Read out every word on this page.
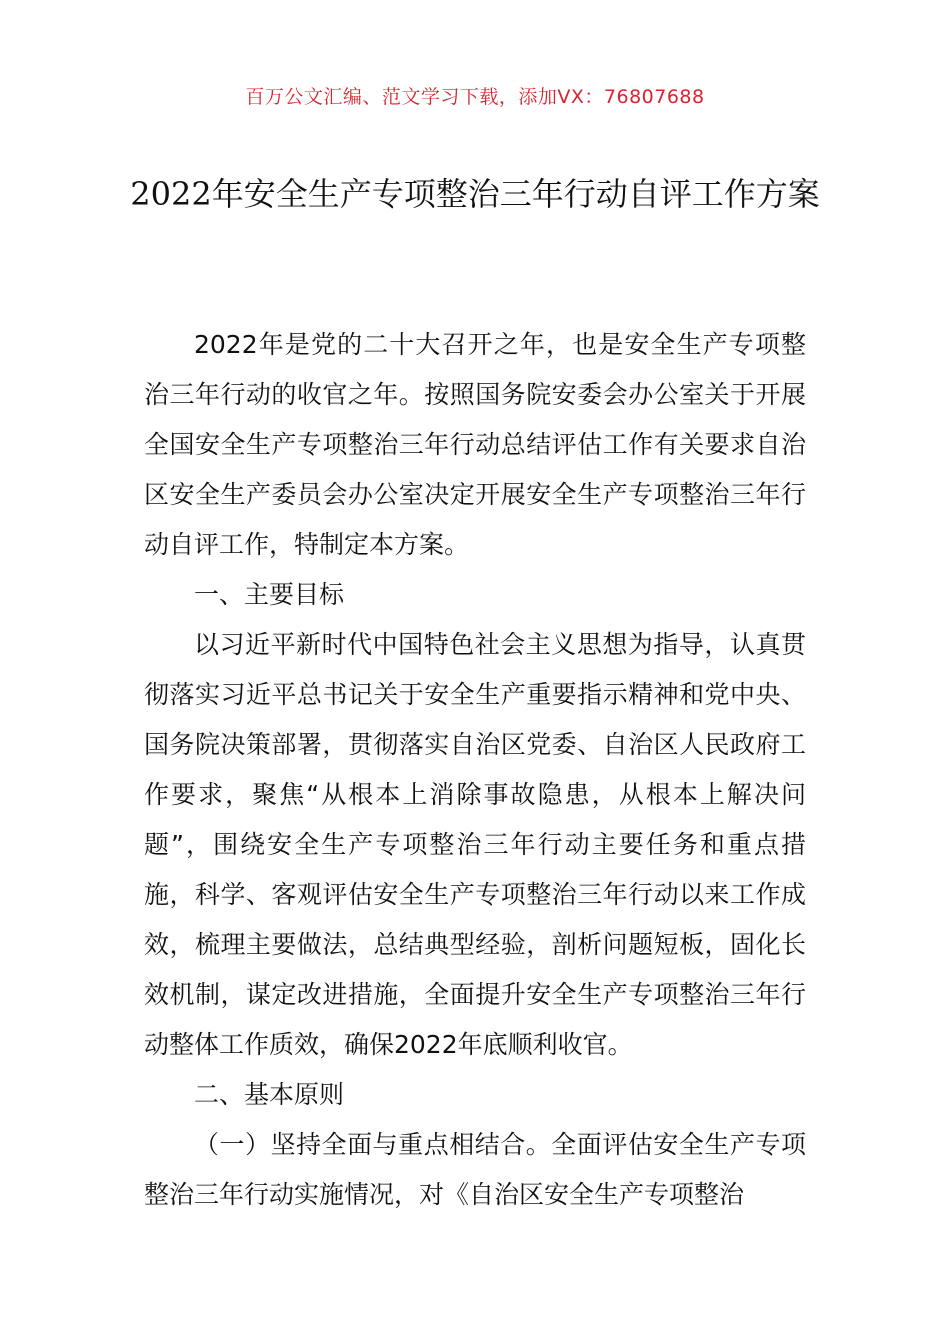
百万公文汇编、范文学习下载，添加VX：76807688
2022年安全生产专项整治三年行动自评工作方案

2022年是党的二十大召开之年，也是安全生产专项整治三年行动的收官之年。按照国务院安委会办公室关于开展全国安全生产专项整治三年行动总结评估工作有关要求自治区安全生产委员会办公室决定开展安全生产专项整治三年行动自评工作，特制定本方案。

一、主要目标

以习近平新时代中国特色社会主义思想为指导，认真贯彻落实习近平总书记关于安全生产重要指示精神和党中央、国务院决策部署，贯彻落实自治区党委、自治区人民政府工作要求，聚焦“从根本上消除事故隐患，从根本上解决问题”，围绕安全生产专项整治三年行动主要任务和重点措施，科学、客观评估安全生产专项整治三年行动以来工作成效，梳理主要做法，总结典型经验，剖析问题短板，固化长效机制，谋定改进措施，全面提升安全生产专项整治三年行动整体工作质效，确保2022年底顺利收官。

二、基本原则

（一）坚持全面与重点相结合。全面评估安全生产专项整治三年行动实施情况，对《自治区安全生产专项整治
